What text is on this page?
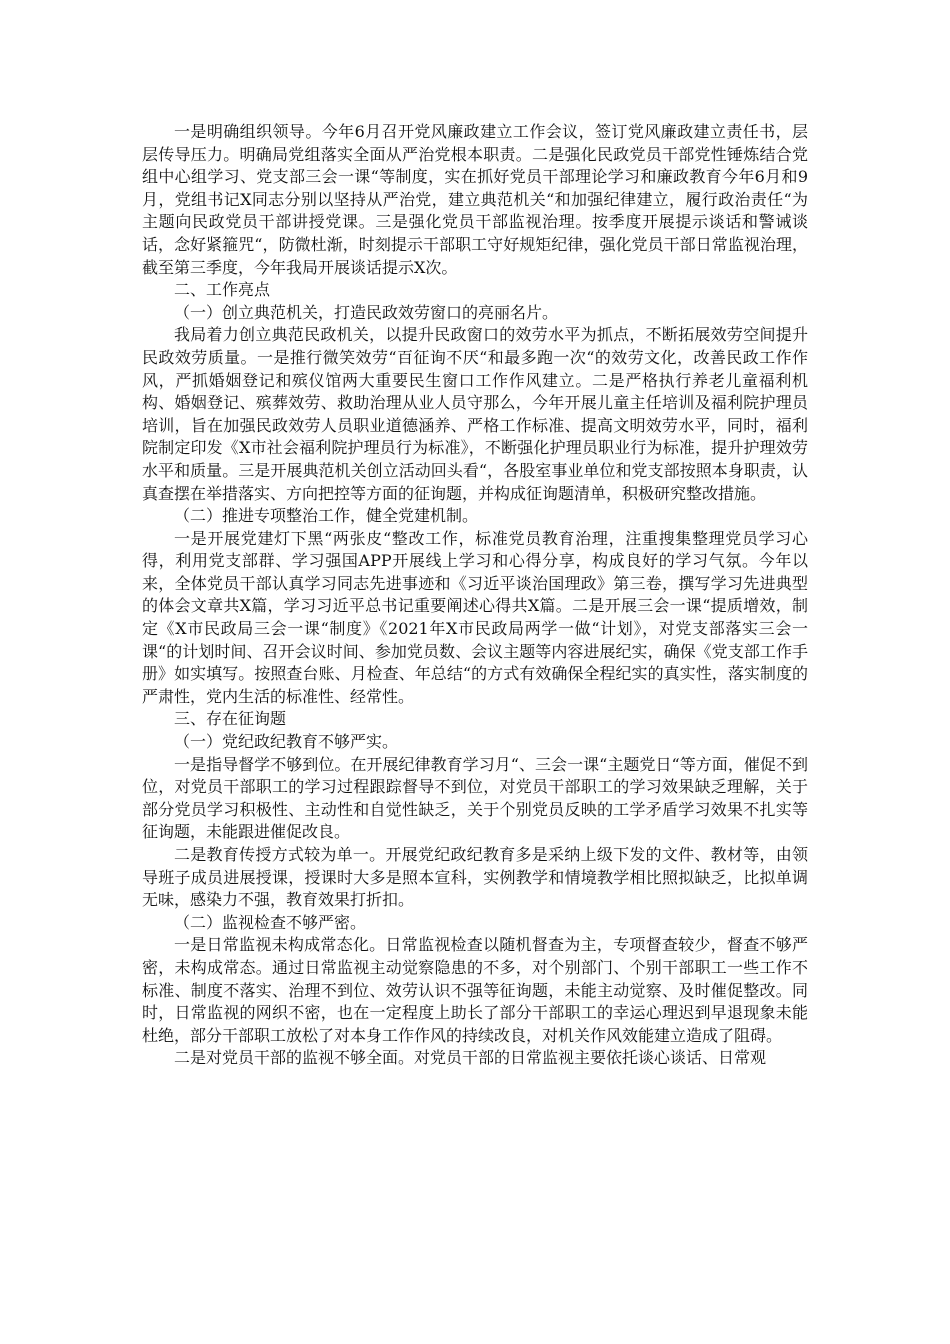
一是明确组织领导。今年6月召开党风廉政建立工作会议，签订党风廉政建立责任书，层层传导压力。明确局党组落实全面从严治党根本职责。二是强化民政党员干部党性锤炼结合党组中心组学习、党支部三会一课“等制度，实在抓好党员干部理论学习和廉政教育今年6月和9月，党组书记X同志分别以坚持从严治党，建立典范机关“和加强纪律建立，履行政治责任“为主题向民政党员干部讲授党课。三是强化党员干部监视治理。按季度开展提示谈话和警诫谈话，念好紧箍咒“，防微杜渐，时刻提示干部职工守好规矩纪律，强化党员干部日常监视治理，截至第三季度，今年我局开展谈话提示X次。

二、工作亮点

（一）创立典范机关，打造民政效劳窗口的亮丽名片。

我局着力创立典范民政机关，以提升民政窗口的效劳水平为抓点，不断拓展效劳空间提升民政效劳质量。一是推行微笑效劳“百征询不厌“和最多跑一次“的效劳文化，改善民政工作作风，严抓婚姻登记和殡仪馆两大重要民生窗口工作作风建立。二是严格执行养老儿童福利机构、婚姻登记、殡葬效劳、救助治理从业人员守那么，今年开展儿童主任培训及福利院护理员培训，旨在加强民政效劳人员职业道德涵养、严格工作标准、提高文明效劳水平，同时，福利院制定印发《X市社会福利院护理员行为标准》，不断强化护理员职业行为标准，提升护理效劳水平和质量。三是开展典范机关创立活动回头看“，各股室事业单位和党支部按照本身职责，认真查摆在举措落实、方向把控等方面的征询题，并构成征询题清单，积极研究整改措施。

（二）推进专项整治工作，健全党建机制。

一是开展党建灯下黑“两张皮“整改工作，标准党员教育治理，注重搜集整理党员学习心得，利用党支部群、学习强国APP开展线上学习和心得分享，构成良好的学习气氛。今年以来，全体党员干部认真学习同志先进事迹和《习近平谈治国理政》第三卷，撰写学习先进典型的体会文章共X篇，学习习近平总书记重要阐述心得共X篇。二是开展三会一课“提质增效，制定《X市民政局三会一课“制度》《2021年X市民政局两学一做“计划》，对党支部落实三会一课“的计划时间、召开会议时间、参加党员数、会议主题等内容进展纪实，确保《党支部工作手册》如实填写。按照查台账、月检查、年总结“的方式有效确保全程纪实的真实性，落实制度的严肃性，党内生活的标准性、经常性。

三、存在征询题

（一）党纪政纪教育不够严实。

一是指导督学不够到位。在开展纪律教育学习月“、三会一课“主题党日“等方面，催促不到位，对党员干部职工的学习过程跟踪督导不到位，对党员干部职工的学习效果缺乏理解，关于部分党员学习积极性、主动性和自觉性缺乏，关于个别党员反映的工学矛盾学习效果不扎实等征询题，未能跟进催促改良。

二是教育传授方式较为单一。开展党纪政纪教育多是采纳上级下发的文件、教材等，由领导班子成员进展授课，授课时大多是照本宣科，实例教学和情境教学相比照拟缺乏，比拟单调无味，感染力不强，教育效果打折扣。

（二）监视检查不够严密。

一是日常监视未构成常态化。日常监视检查以随机督查为主，专项督查较少，督查不够严密，未构成常态。通过日常监视主动觉察隐患的不多，对个别部门、个别干部职工一些工作不标准、制度不落实、治理不到位、效劳认识不强等征询题，未能主动觉察、及时催促整改。同时，日常监视的网织不密，也在一定程度上助长了部分干部职工的幸运心理迟到早退现象未能杜绝，部分干部职工放松了对本身工作作风的持续改良，对机关作风效能建立造成了阻碍。

二是对党员干部的监视不够全面。对党员干部的日常监视主要依托谈心谈话、日常观
